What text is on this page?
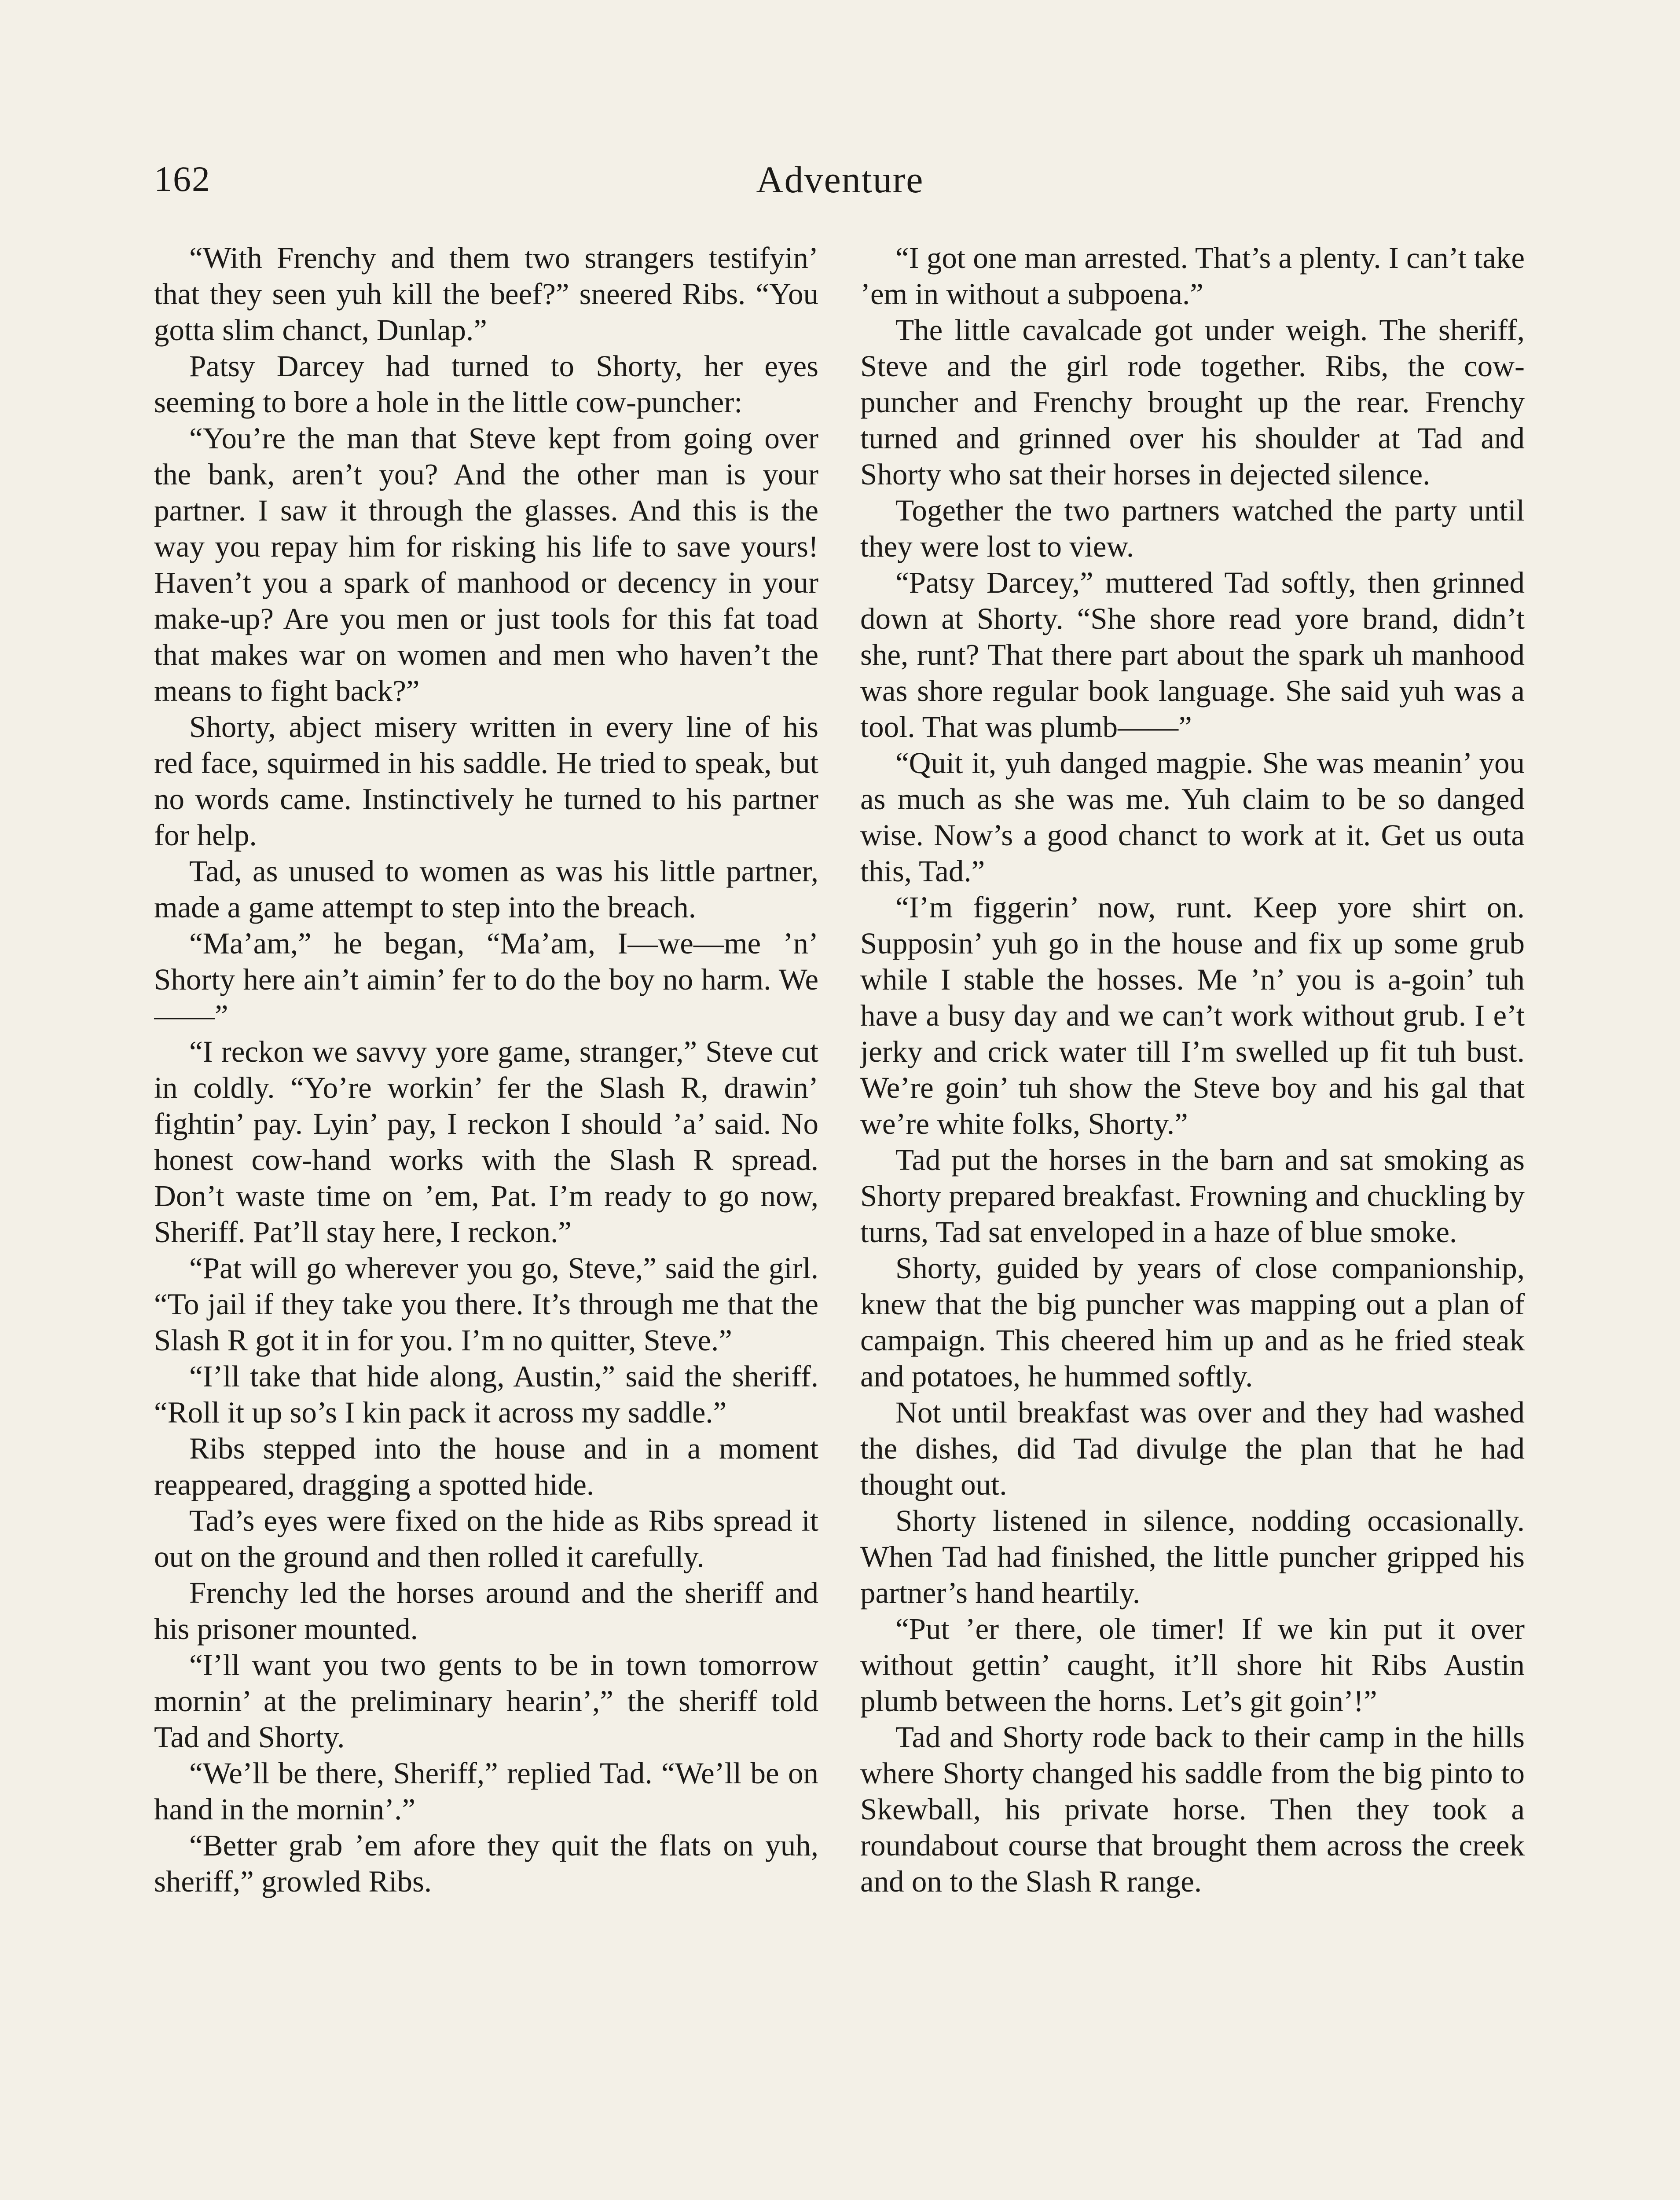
162	Adventure

“With Frenchy and them two strangers testifyin’ that they seen yuh kill the beef?” sneered Ribs. “You gotta slim chanct, Dunlap.”

Patsy Darcey had turned to Shorty, her eyes seeming to bore a hole in the little cow-puncher:

“You’re the man that Steve kept from going over the bank, aren’t you? And the other man is your partner. I saw it through the glasses. And this is the way you repay him for risking his life to save yours! Haven’t you a spark of manhood or decency in your make-up? Are you men or just tools for this fat toad that makes war on women and men who haven’t the means to fight back?”

Shorty, abject misery written in every line of his red face, squirmed in his saddle. He tried to speak, but no words came. Instinctively he turned to his partner for help.

Tad, as unused to women as was his little partner, made a game attempt to step into the breach.

“Ma’am,” he began, “Ma’am, I—we—me ’n’ Shorty here ain’t aimin’ fer to do the boy no harm. We——”

“I reckon we savvy yore game, stranger,” Steve cut in coldly. “Yo’re workin’ fer the Slash R, drawin’ fightin’ pay. Lyin’ pay, I reckon I should ’a’ said. No honest cow-hand works with the Slash R spread. Don’t waste time on ’em, Pat. I’m ready to go now, Sheriff. Pat’ll stay here, I reckon.”

“Pat will go wherever you go, Steve,” said the girl. “To jail if they take you there. It’s through me that the Slash R got it in for you. I’m no quitter, Steve.”

“I’ll take that hide along, Austin,” said the sheriff. “Roll it up so’s I kin pack it across my saddle.”

Ribs stepped into the house and in a moment reappeared, dragging a spotted hide.

Tad’s eyes were fixed on the hide as Ribs spread it out on the ground and then rolled it carefully.

Frenchy led the horses around and the sheriff and his prisoner mounted.

“I’ll want you two gents to be in town tomorrow mornin’ at the preliminary hearin’,” the sheriff told Tad and Shorty.

“We’ll be there, Sheriff,” replied Tad. “We’ll be on hand in the mornin’.”

“Better grab ’em afore they quit the flats on yuh, sheriff,” growled Ribs.

“I got one man arrested. That’s a plenty. I can’t take ’em in without a subpoena.”

The little cavalcade got under weigh. The sheriff, Steve and the girl rode together. Ribs, the cow-puncher and Frenchy brought up the rear. Frenchy turned and grinned over his shoulder at Tad and Shorty who sat their horses in dejected silence.

Together the two partners watched the party until they were lost to view.

“Patsy Darcey,” muttered Tad softly, then grinned down at Shorty. “She shore read yore brand, didn’t she, runt? That there part about the spark uh manhood was shore regular book language. She said yuh was a tool. That was plumb——”

“Quit it, yuh danged magpie. She was meanin’ you as much as she was me. Yuh claim to be so danged wise. Now’s a good chanct to work at it. Get us outa this, Tad.”

“I’m figgerin’ now, runt. Keep yore shirt on. Supposin’ yuh go in the house and fix up some grub while I stable the hosses. Me ’n’ you is a-goin’ tuh have a busy day and we can’t work without grub. I e’t jerky and crick water till I’m swelled up fit tuh bust. We’re goin’ tuh show the Steve boy and his gal that we’re white folks, Shorty.”

Tad put the horses in the barn and sat smoking as Shorty prepared breakfast. Frowning and chuckling by turns, Tad sat enveloped in a haze of blue smoke.

Shorty, guided by years of close companionship, knew that the big puncher was mapping out a plan of campaign. This cheered him up and as he fried steak and potatoes, he hummed softly.

Not until breakfast was over and they had washed the dishes, did Tad divulge the plan that he had thought out.

Shorty listened in silence, nodding occasionally. When Tad had finished, the little puncher gripped his partner’s hand heartily.

“Put ’er there, ole timer! If we kin put it over without gettin’ caught, it’ll shore hit Ribs Austin plumb between the horns. Let’s git goin’!”

Tad and Shorty rode back to their camp in the hills where Shorty changed his saddle from the big pinto to Skewball, his private horse. Then they took a roundabout course that brought them across the creek and on to the Slash R range.
